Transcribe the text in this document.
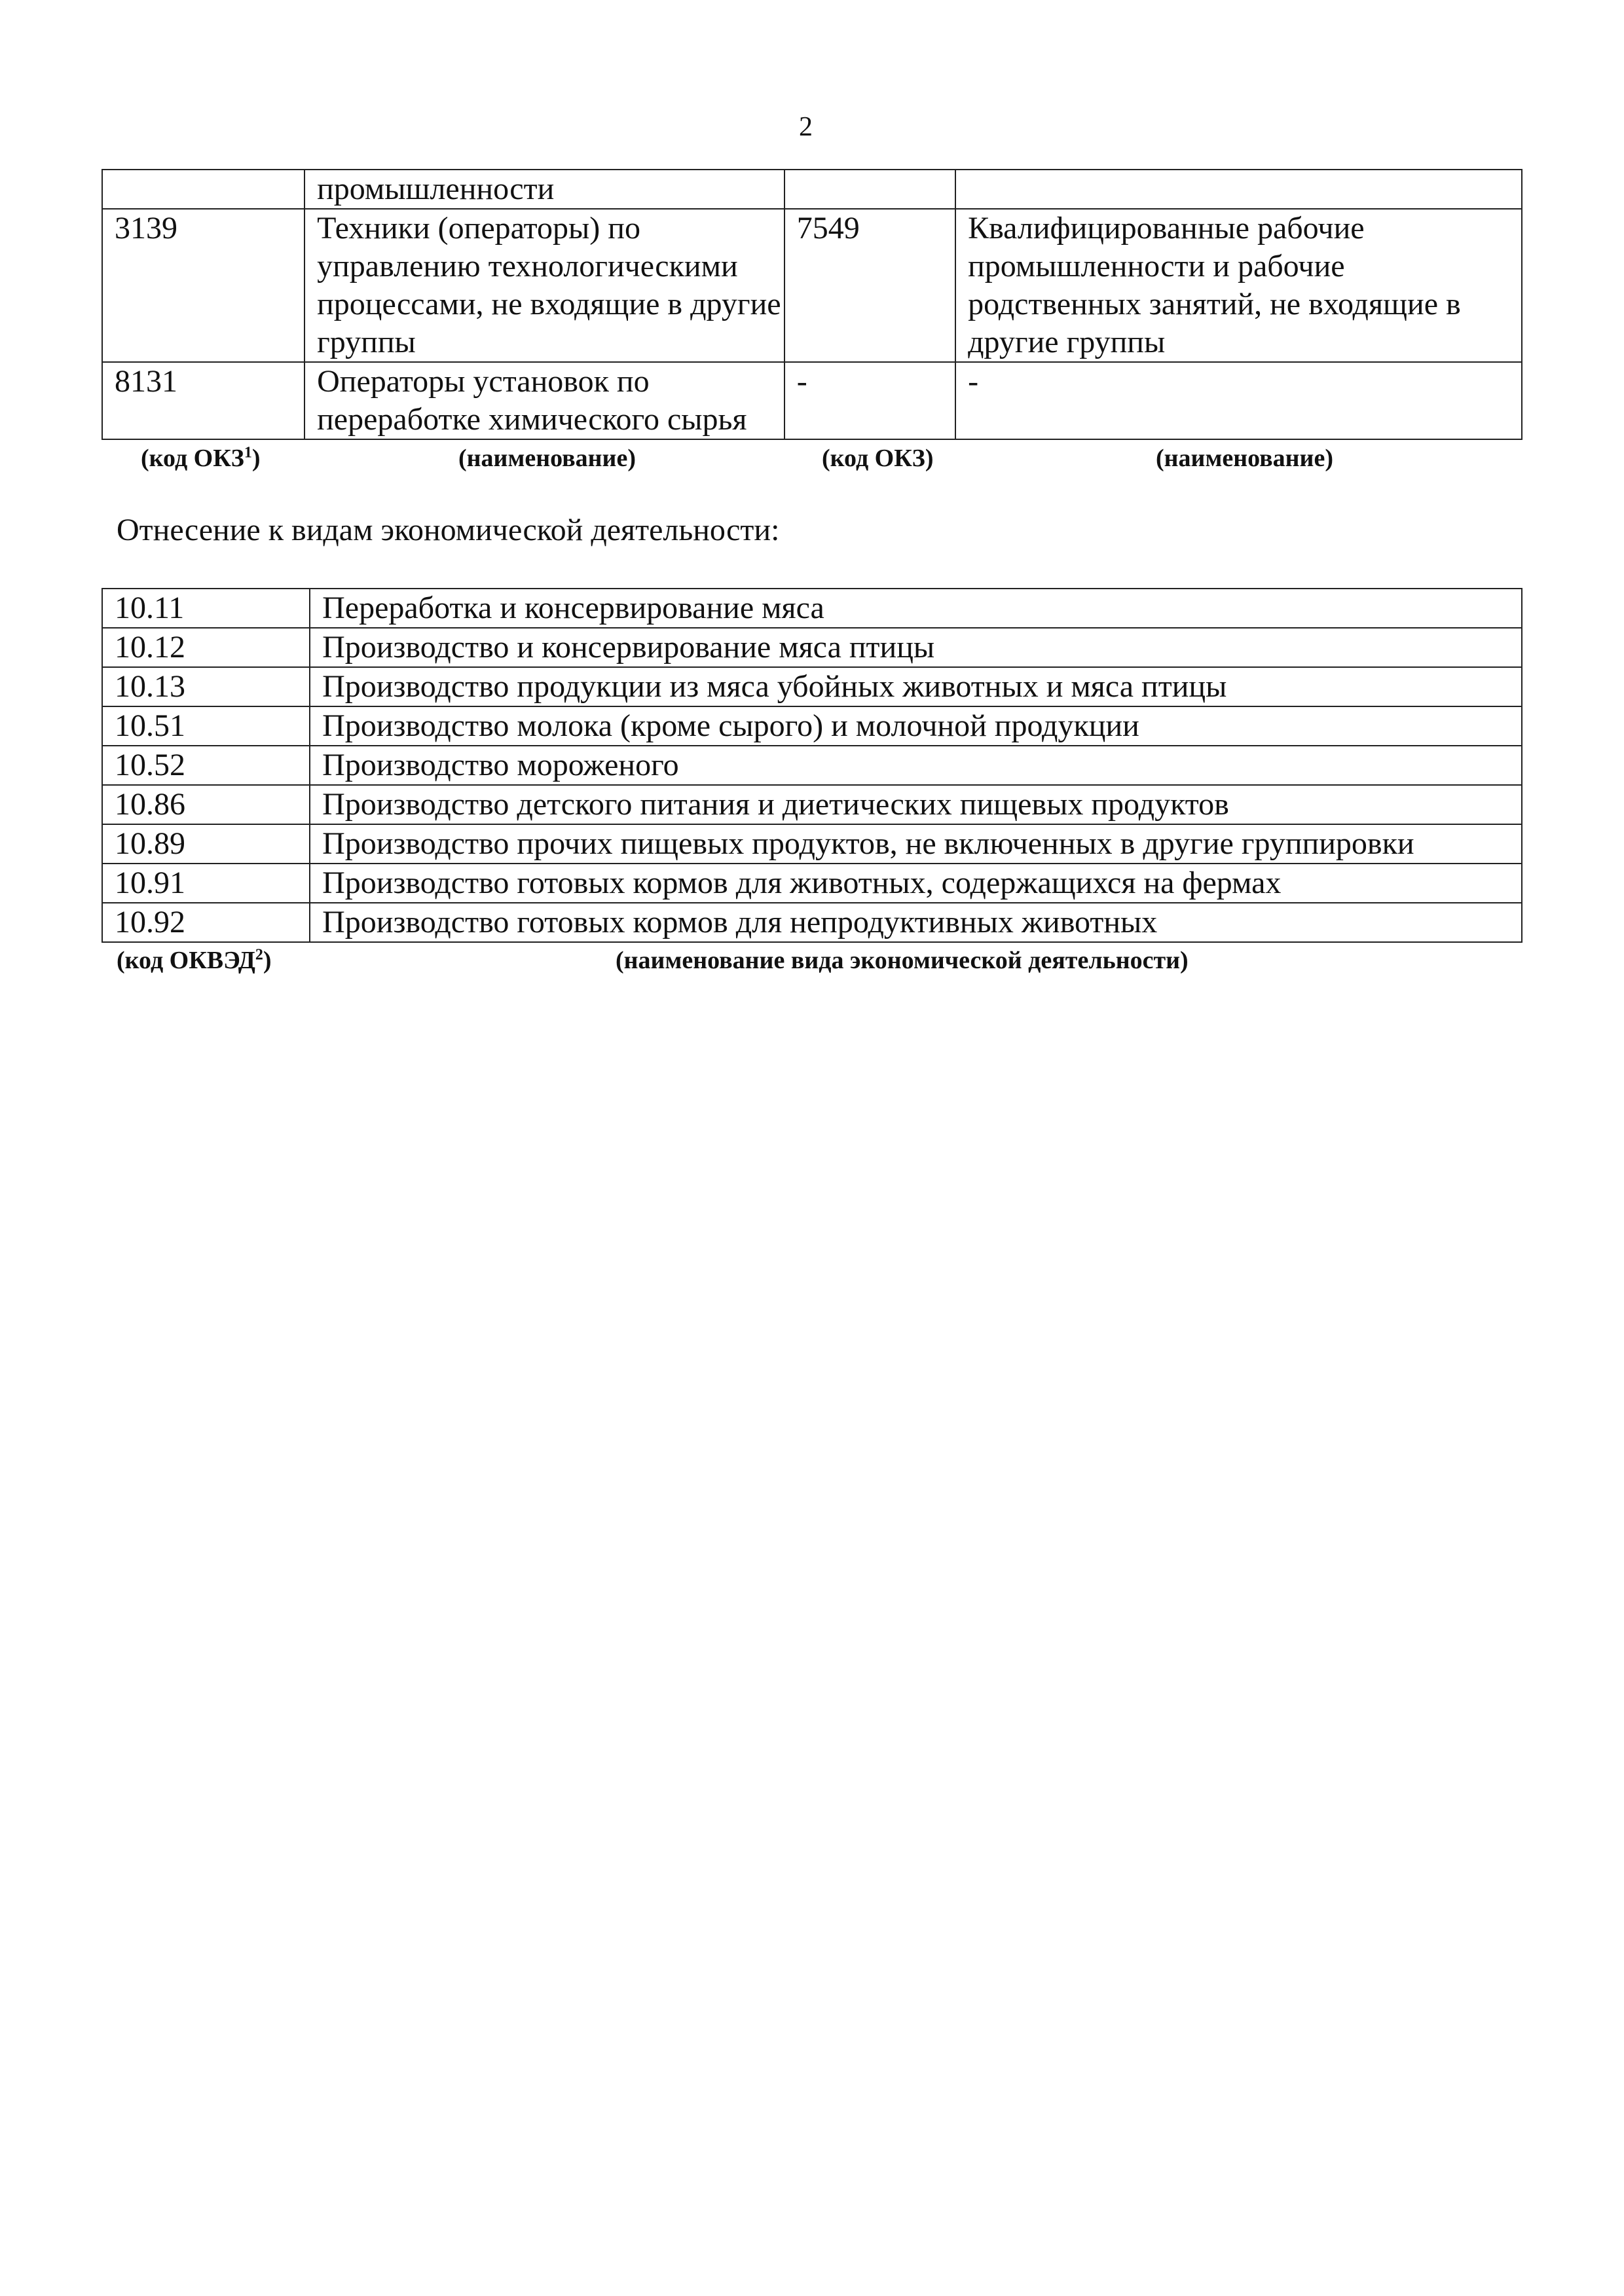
2
	промышленности		
3139	Техники (операторы) по управлению технологическими процессами, не входящие в другие группы	7549	Квалифицированные рабочие промышленности и рабочие родственных занятий, не входящие в другие группы
8131	Операторы установок по переработке химического сырья	-	-
(код ОКЗ$^1$)	(наименование)	(код ОКЗ)	(наименование)
Отнесение к видам экономической деятельности:
10.11	Переработка и консервирование мяса
10.12	Производство и консервирование мяса птицы
10.13	Производство продукции из мяса убойных животных и мяса птицы
10.51	Производство молока (кроме сырого) и молочной продукции
10.52	Производство мороженого
10.86	Производство детского питания и диетических пищевых продуктов
10.89	Производство прочих пищевых продуктов, не включенных в другие группировки
10.91	Производство готовых кормов для животных, содержащихся на фермах
10.92	Производство готовых кормов для непродуктивных животных
(код ОКВЭД$^2$)	(наименование вида экономической деятельности)
